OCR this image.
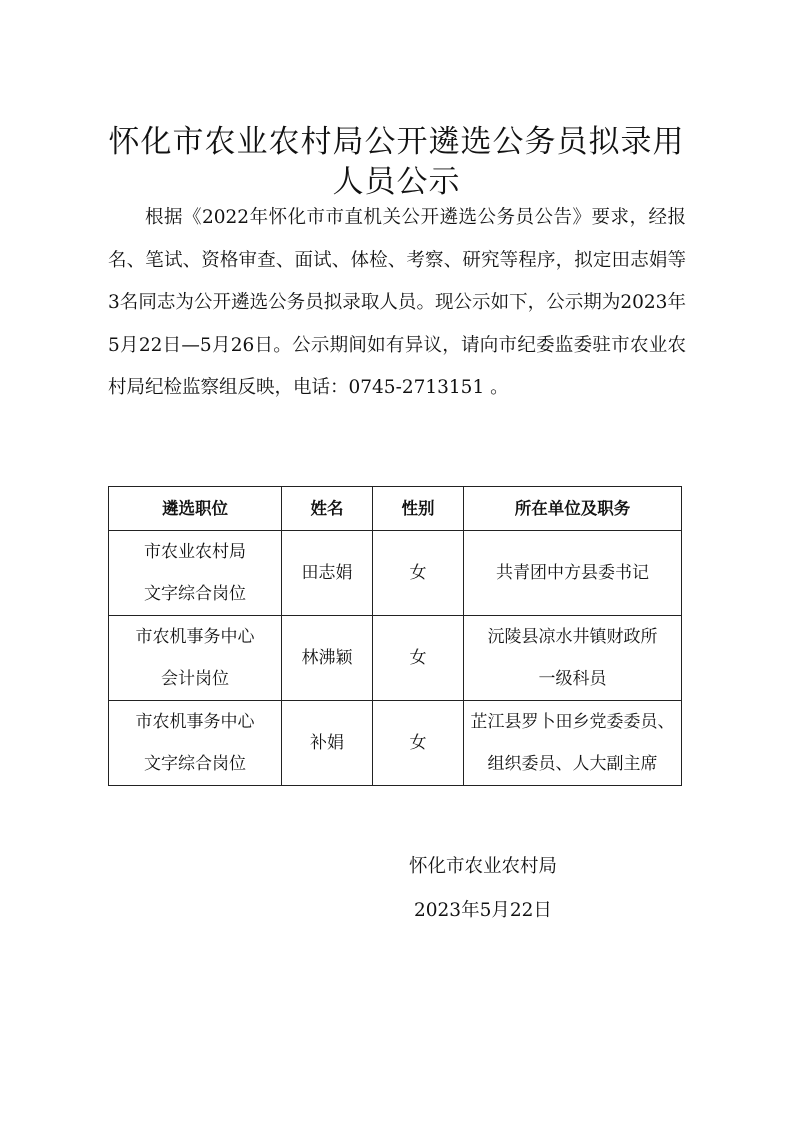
怀化市农业农村局公开遴选公务员拟录用
人员公示

根据《2022年怀化市市直机关公开遴选公务员公告》要求，经报名、笔试、资格审查、面试、体检、考察、研究等程序，拟定田志娟等3名同志为公开遴选公务员拟录取人员。现公示如下，公示期为2023年5月22日—5月26日。公示期间如有异议，请向市纪委监委驻市农业农村局纪检监察组反映，电话：0745-2713151 。

遴选职位	姓名	性别	所在单位及职务

市农业农村局
文字综合岗位	田志娟	女	共青团中方县委书记

市农机事务中心
会计岗位	林沸颖	女	沅陵县凉水井镇财政所
一级科员

市农机事务中心
文字综合岗位	补娟	女	芷江县罗卜田乡党委委员、
组织委员、人大副主席
怀化市农业农村局
2023年5月22日
